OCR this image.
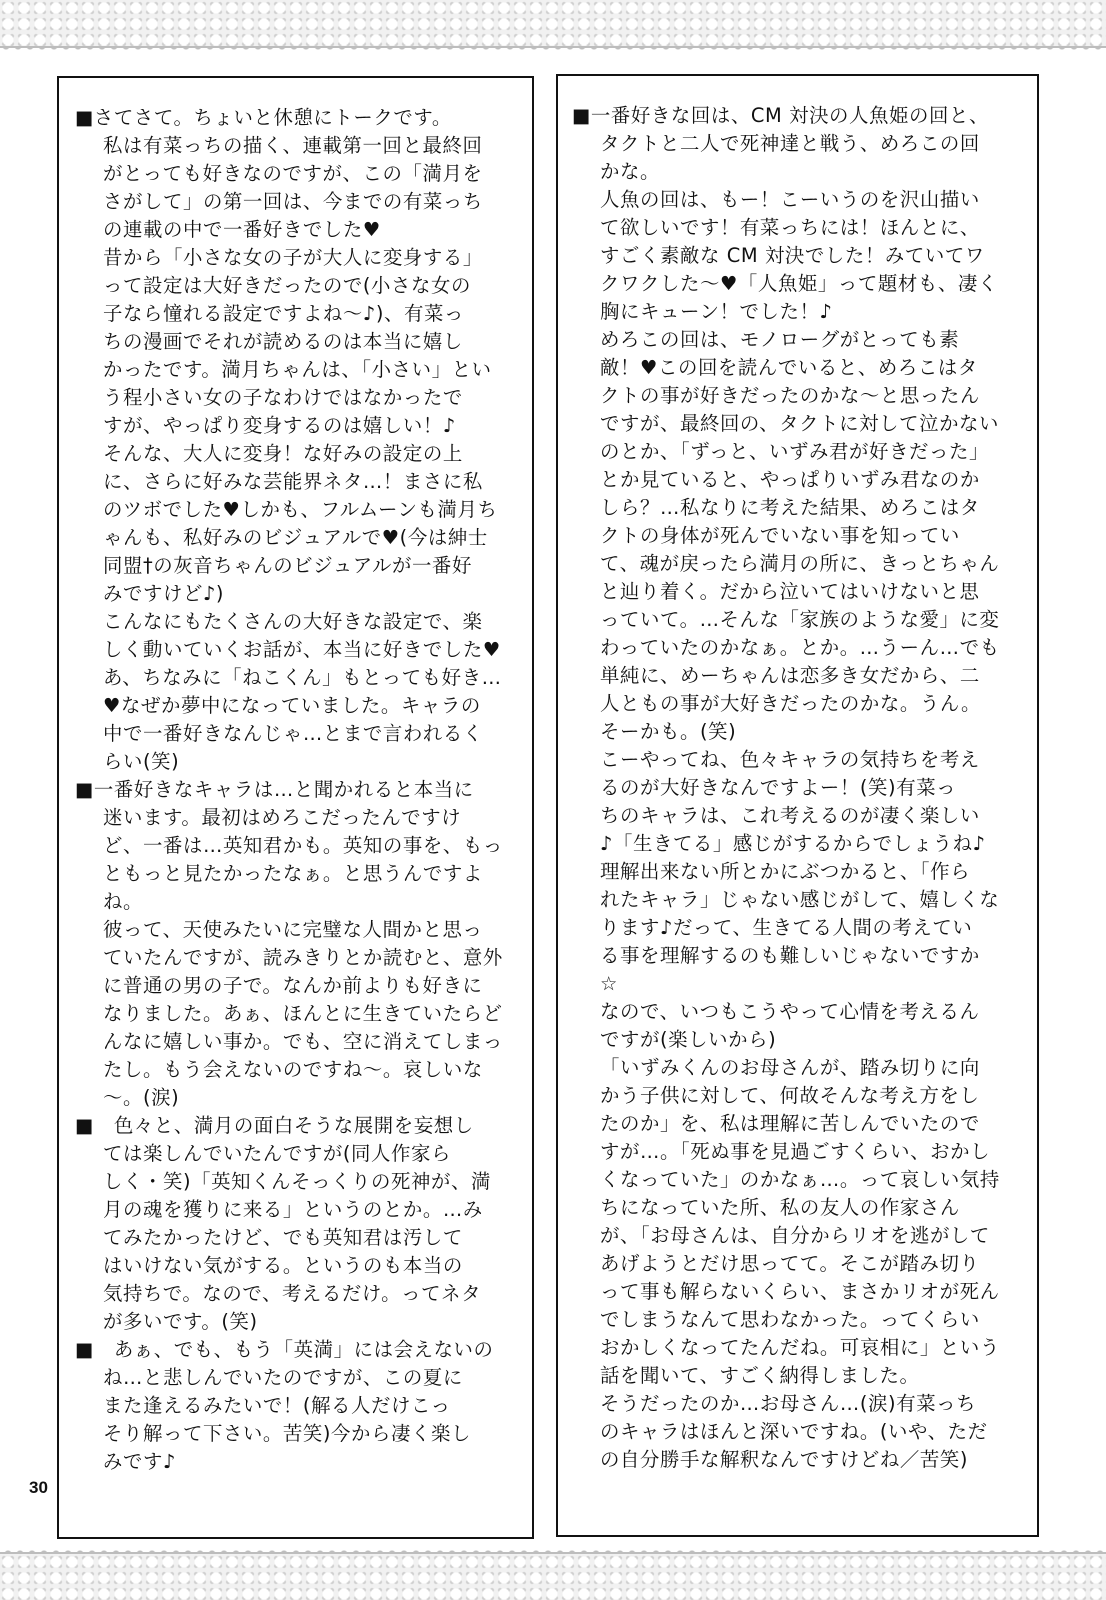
■さてさて。ちょいと休憩にトークです。

私は有菜っちの描く、連載第一回と最終回
がとっても好きなのですが、この「満月を
さがして」の第一回は、今までの有菜っち
の連載の中で一番好きでした♥
昔から「小さな女の子が大人に変身する」
って設定は大好きだったので(小さな女の
子なら憧れる設定ですよね～♪)、有菜っ
ちの漫画でそれが読めるのは本当に嬉し
かったです。満月ちゃんは、「小さい」とい
う程小さい女の子なわけではなかったで
すが、やっぱり変身するのは嬉しい！♪
そんな、大人に変身！な好みの設定の上
に、さらに好みな芸能界ネタ…！まさに私
のツボでした♥しかも、フルムーンも満月ち
ゃんも、私好みのビジュアルで♥(今は紳士
同盟†の灰音ちゃんのビジュアルが一番好
みですけど♪)
こんなにもたくさんの大好きな設定で、楽
しく動いていくお話が、本当に好きでした♥
あ、ちなみに「ねこくん」もとっても好き…
♥なぜか夢中になっていました。キャラの
中で一番好きなんじゃ…とまで言われるく
らい(笑)

■一番好きなキャラは…と聞かれると本当に
迷います。最初はめろこだったんですけ
ど、一番は…英知君かも。英知の事を、もっ
ともっと見たかったなぁ。と思うんですよ
ね。

彼って、天使みたいに完璧な人間かと思っ
ていたんですが、読みきりとか読むと、意外
に普通の男の子で。なんか前よりも好きに
なりました。あぁ、ほんとに生きていたらど
んなに嬉しい事か。でも、空に消えてしまっ
たし。もう会えないのですね～。哀しいな
～。(涙)

■　色々と、満月の面白そうな展開を妄想し
ては楽しんでいたんですが(同人作家ら
しく・笑)「英知くんそっくりの死神が、満
月の魂を獲りに来る」というのとか。…み
てみたかったけど、でも英知君は汚して
はいけない気がする。というのも本当の
気持ちで。なので、考えるだけ。ってネタ
が多いです。(笑)

■　あぁ、でも、もう「英満」には会えないの
ね…と悲しんでいたのですが、この夏に
また逢えるみたいで！(解る人だけこっ
そり解って下さい。苦笑)今から凄く楽し
みです♪

■一番好きな回は、CM 対決の人魚姫の回と、
タクトと二人で死神達と戦う、めろこの回
かな。

人魚の回は、もー！こーいうのを沢山描い
て欲しいです！有菜っちには！ほんとに、
すごく素敵な CM 対決でした！みていてワ
クワクした～♥「人魚姫」って題材も、凄く
胸にキューン！でした！♪
めろこの回は、モノローグがとっても素
敵！♥この回を読んでいると、めろこはタ
クトの事が好きだったのかな～と思ったん
ですが、最終回の、タクトに対して泣かない
のとか、「ずっと、いずみ君が好きだった」
とか見ていると、やっぱりいずみ君なのか
しら？…私なりに考えた結果、めろこはタ
クトの身体が死んでいない事を知ってい
て、魂が戻ったら満月の所に、きっとちゃん
と辿り着く。だから泣いてはいけないと思
っていて。…そんな「家族のような愛」に変
わっていたのかなぁ。とか。…うーん…でも
単純に、めーちゃんは恋多き女だから、二
人ともの事が大好きだったのかな。うん。
そーかも。(笑)
こーやってね、色々キャラの気持ちを考え
るのが大好きなんですよー！(笑)有菜っ
ちのキャラは、これ考えるのが凄く楽しい
♪「生きてる」感じがするからでしょうね♪
理解出来ない所とかにぶつかると、「作ら
れたキャラ」じゃない感じがして、嬉しくな
ります♪だって、生きてる人間の考えてい
る事を理解するのも難しいじゃないですか
☆
なので、いつもこうやって心情を考えるん
ですが(楽しいから)
「いずみくんのお母さんが、踏み切りに向
かう子供に対して、何故そんな考え方をし
たのか」を、私は理解に苦しんでいたので
すが…。「死ぬ事を見過ごすくらい、おかし
くなっていた」のかなぁ…。って哀しい気持
ちになっていた所、私の友人の作家さん
が、「お母さんは、自分からリオを逃がして
あげようとだけ思ってて。そこが踏み切り
って事も解らないくらい、まさかリオが死ん
でしまうなんて思わなかった。ってくらい
おかしくなってたんだね。可哀相に」という
話を聞いて、すごく納得しました。
そうだったのか…お母さん…(涙)有菜っち
のキャラはほんと深いですね。(いや、ただ
の自分勝手な解釈なんですけどね／苦笑)

30
